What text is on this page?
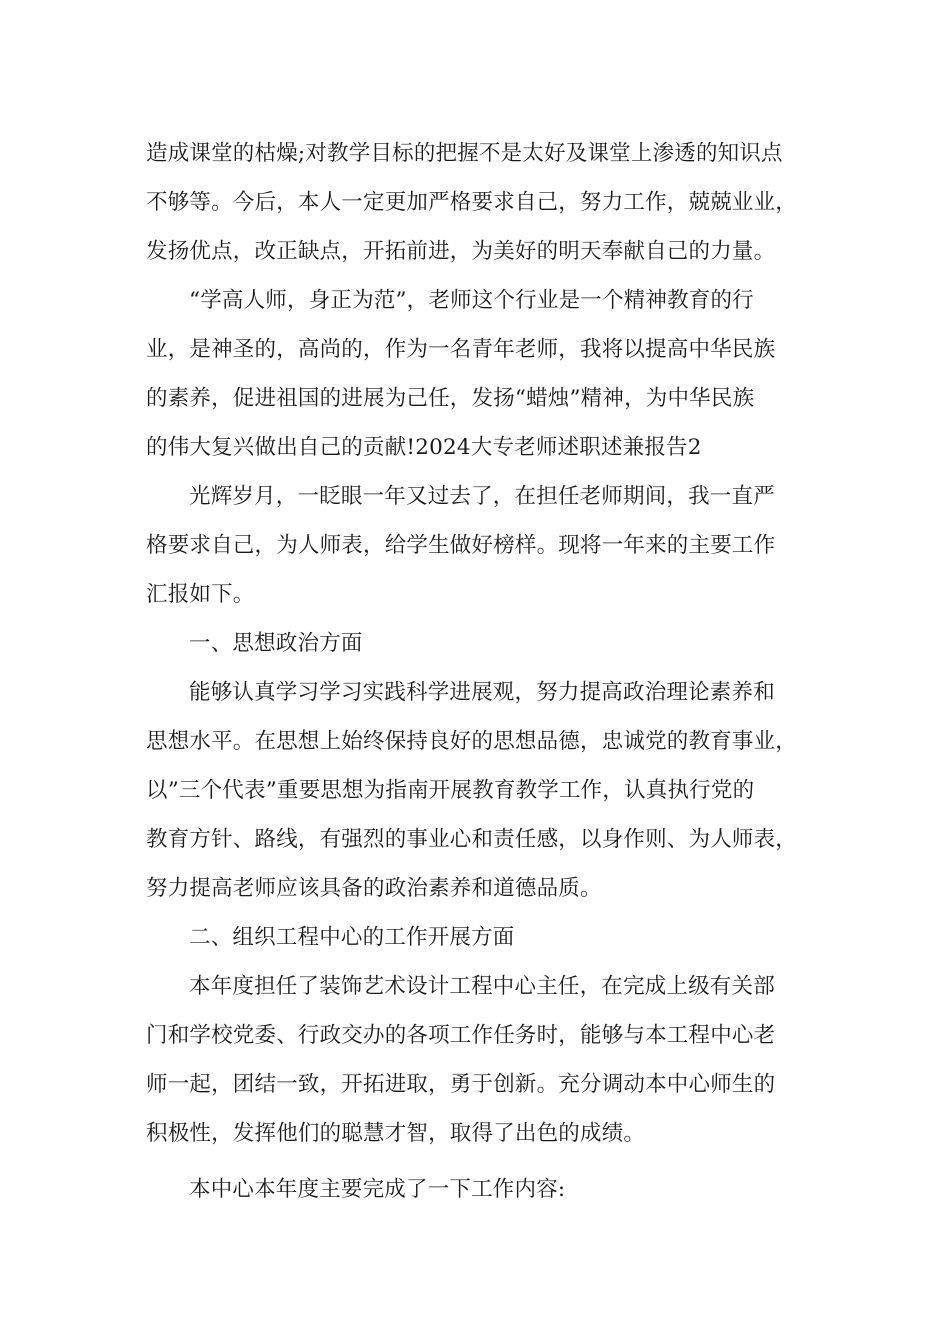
造成课堂的枯燥;对教学目标的把握不是太好及课堂上渗透的知识点
不够等。今后，本人一定更加严格要求自己，努力工作，兢兢业业，
发扬优点，改正缺点，开拓前进，为美好的明天奉献自己的力量。
“学高人师，身正为范”，老师这个行业是一个精神教育的行
业，是神圣的，高尚的，作为一名青年老师，我将以提高中华民族
的素养，促进祖国的进展为己任，发扬“蜡烛”精神，为中华民族
的伟大复兴做出自己的贡献!2024大专老师述职述兼报告2
光辉岁月，一眨眼一年又过去了，在担任老师期间，我一直严
格要求自己，为人师表，给学生做好榜样。现将一年来的主要工作
汇报如下。
一、思想政治方面
能够认真学习学习实践科学进展观，努力提高政治理论素养和
思想水平。在思想上始终保持良好的思想品德，忠诚党的教育事业，
以”三个代表”重要思想为指南开展教育教学工作，认真执行党的
教育方针、路线，有强烈的事业心和责任感，以身作则、为人师表，
努力提高老师应该具备的政治素养和道德品质。
二、组织工程中心的工作开展方面
本年度担任了装饰艺术设计工程中心主任，在完成上级有关部
门和学校党委、行政交办的各项工作任务时，能够与本工程中心老
师一起，团结一致，开拓进取，勇于创新。充分调动本中心师生的
积极性，发挥他们的聪慧才智，取得了出色的成绩。
本中心本年度主要完成了一下工作内容:
